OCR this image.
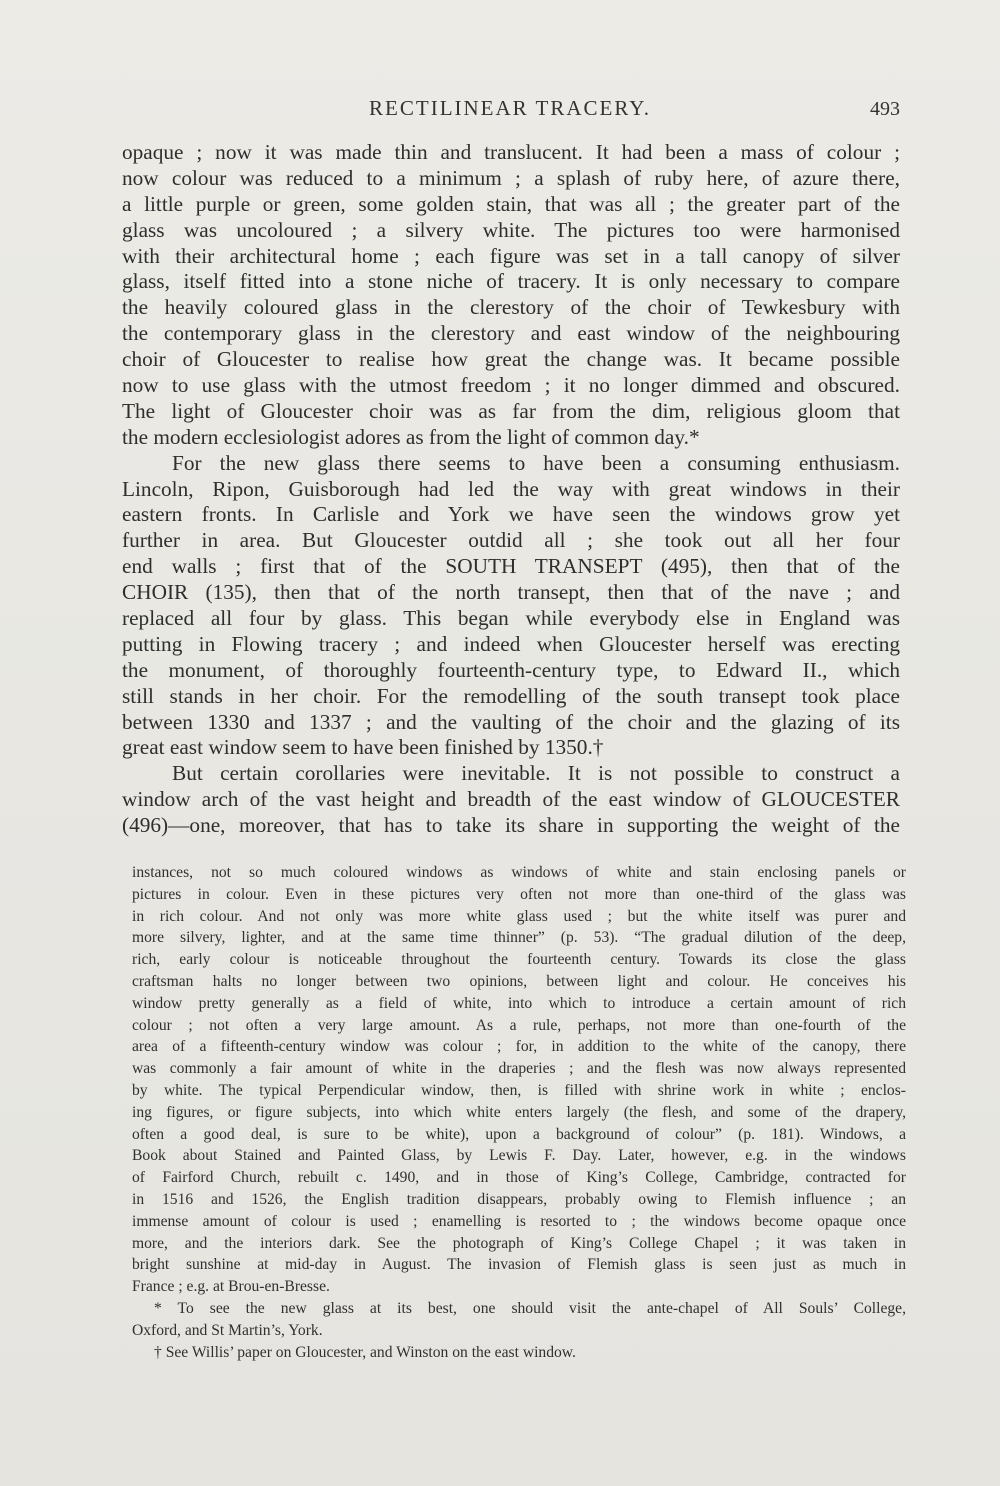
RECTILINEAR TRACERY.	493
opaque ; now it was made thin and translucent. It had been a mass of colour ;
now colour was reduced to a minimum ; a splash of ruby here, of azure there,
a little purple or green, some golden stain, that was all ; the greater part of the
glass was uncoloured ; a silvery white. The pictures too were harmonised
with their architectural home ; each figure was set in a tall canopy of silver
glass, itself fitted into a stone niche of tracery. It is only necessary to compare
the heavily coloured glass in the clerestory of the choir of Tewkesbury with
the contemporary glass in the clerestory and east window of the neighbouring
choir of Gloucester to realise how great the change was. It became possible
now to use glass with the utmost freedom ; it no longer dimmed and obscured.
The light of Gloucester choir was as far from the dim, religious gloom that
the modern ecclesiologist adores as from the light of common day.*
For the new glass there seems to have been a consuming enthusiasm.
Lincoln, Ripon, Guisborough had led the way with great windows in their
eastern fronts. In Carlisle and York we have seen the windows grow yet
further in area. But Gloucester outdid all ; she took out all her four
end walls ; first that of the SOUTH TRANSEPT (495), then that of the
CHOIR (135), then that of the north transept, then that of the nave ; and
replaced all four by glass. This began while everybody else in England was
putting in Flowing tracery ; and indeed when Gloucester herself was erecting
the monument, of thoroughly fourteenth-century type, to Edward II., which
still stands in her choir. For the remodelling of the south transept took place
between 1330 and 1337 ; and the vaulting of the choir and the glazing of its
great east window seem to have been finished by 1350.†
But certain corollaries were inevitable. It is not possible to construct a
window arch of the vast height and breadth of the east window of GLOUCESTER
(496)—one, moreover, that has to take its share in supporting the weight of the
instances, not so much coloured windows as windows of white and stain enclosing panels or
pictures in colour. Even in these pictures very often not more than one-third of the glass was
in rich colour. And not only was more white glass used ; but the white itself was purer and
more silvery, lighter, and at the same time thinner” (p. 53). “The gradual dilution of the deep,
rich, early colour is noticeable throughout the fourteenth century. Towards its close the glass
craftsman halts no longer between two opinions, between light and colour. He conceives his
window pretty generally as a field of white, into which to introduce a certain amount of rich
colour ; not often a very large amount. As a rule, perhaps, not more than one-fourth of the
area of a fifteenth-century window was colour ; for, in addition to the white of the canopy, there
was commonly a fair amount of white in the draperies ; and the flesh was now always represented
by white. The typical Perpendicular window, then, is filled with shrine work in white ; enclos-
ing figures, or figure subjects, into which white enters largely (the flesh, and some of the drapery,
often a good deal, is sure to be white), upon a background of colour” (p. 181). Windows, a
Book about Stained and Painted Glass, by Lewis F. Day. Later, however, e.g. in the windows
of Fairford Church, rebuilt c. 1490, and in those of King’s College, Cambridge, contracted for
in 1516 and 1526, the English tradition disappears, probably owing to Flemish influence ; an
immense amount of colour is used ; enamelling is resorted to ; the windows become opaque once
more, and the interiors dark. See the photograph of King’s College Chapel ; it was taken in
bright sunshine at mid-day in August. The invasion of Flemish glass is seen just as much in
France ; e.g. at Brou-en-Bresse.
* To see the new glass at its best, one should visit the ante-chapel of All Souls’ College,
Oxford, and St Martin’s, York.
† See Willis’ paper on Gloucester, and Winston on the east window.
